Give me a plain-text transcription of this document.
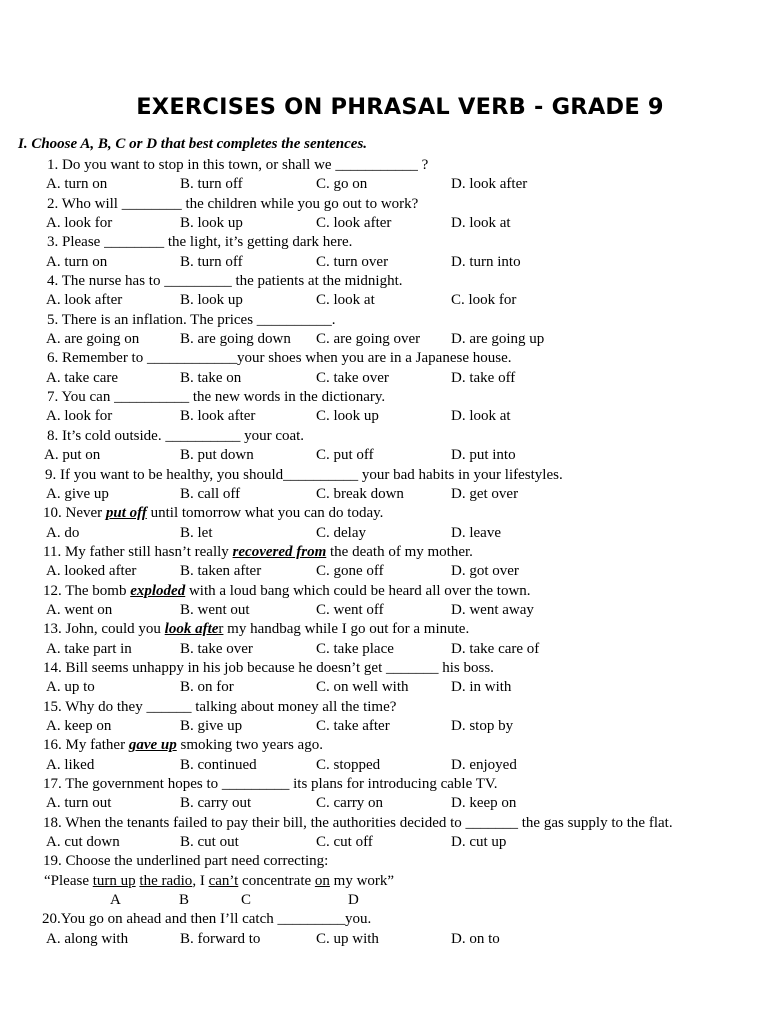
EXERCISES ON PHRASAL VERB - GRADE 9
I. Choose A, B, C or D that best completes the sentences.
1. Do you want to stop in this town, or shall we ___________ ?
A. turn on	B. turn off	C. go on	D. look after
2. Who will ________ the children while you go out to work?
A. look for	B. look up	C. look after	D. look at
3. Please ________ the light, it’s getting dark here.
A. turn on	B. turn off	C. turn over	D. turn into
4. The nurse has to _________ the patients at the midnight.
A. look after	B. look up	C. look at	C. look for
5. There is an inflation. The prices __________.
A. are going on	B. are going down C. are going over D. are going up
6. Remember to ____________your shoes when you are in a Japanese house.
A. take care	B. take on	C. take over	D. take off
7. You can __________ the new words in the dictionary.
A. look for	B. look after	C. look up	D. look at
8. It’s cold outside. __________ your coat.
A. put on	B. put down	C. put off	D. put into
9. If you want to be healthy, you should__________ your bad habits in your lifestyles.
A. give up	B. call off	C. break down	D. get over
10. Never put off until tomorrow what you can do today.
A. do	B. let	C. delay	D. leave
11. My father still hasn’t really recovered from the death of my mother.
A. looked after	B. taken after	C. gone off	D. got over
12. The bomb exploded with a loud bang which could be heard all over the town.
A. went on	B. went out	C. went off	D. went away
13. John, could you look after my handbag while I go out for a minute.
A. take part in	B. take over	C. take place	D. take care of
14. Bill seems unhappy in his job because he doesn’t get _______ his boss.
A. up to	B. on for	C. on well with	D. in with
15. Why do they ______ talking about money all the time?
A. keep on	B. give up	C. take after	D. stop by
16. My father gave up smoking two years ago.
A. liked	B. continued	C. stopped	D. enjoyed
17. The government hopes to _________ its plans for introducing cable TV.
A. turn out	B. carry out	C. carry on	D. keep on
18. When the tenants failed to pay their bill, the authorities decided to _______ the gas supply to the flat.
A. cut down	B. cut out	C. cut off	D. cut up
19. Choose the underlined part need correcting:
“Please turn up the radio, I can’t concentrate on my work”
A	B	C	D
20.You go on ahead and then I’ll catch _________you.
A. along with	B. forward to	C. up with	D. on to
